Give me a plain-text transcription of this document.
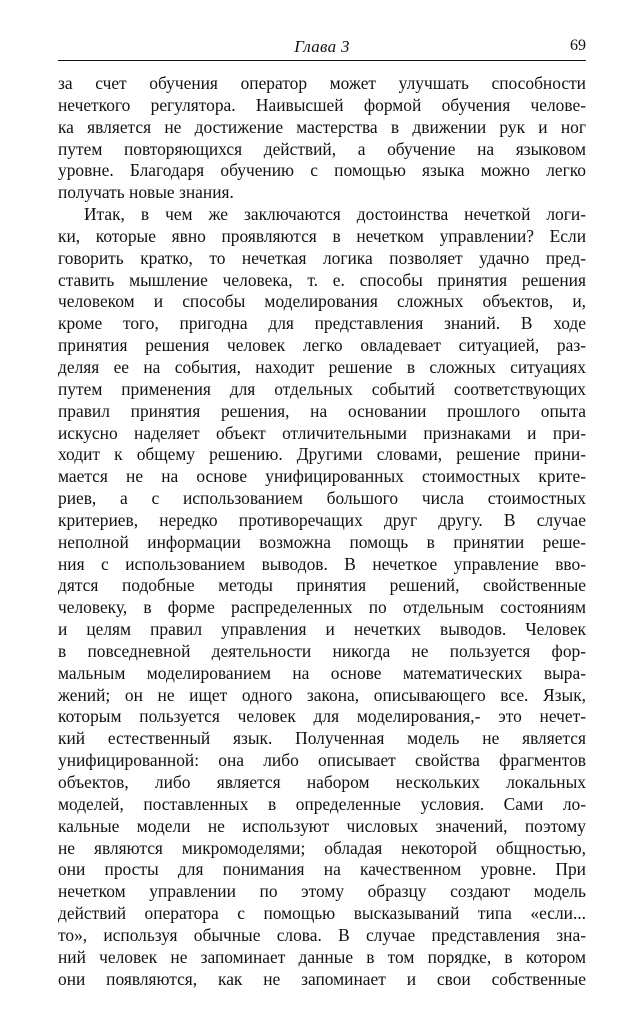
Глава 3	69
за счет обучения оператор может улучшать способности
нечеткого регулятора. Наивысшей формой обучения челове-
ка является не достижение мастерства в движении рук и ног
путем повторяющихся действий, а обучение на языковом
уровне. Благодаря обучению с помощью языка можно легко
получать новые знания.
Итак, в чем же заключаются достоинства нечеткой логи-
ки, которые явно проявляются в нечетком управлении? Если
говорить кратко, то нечеткая логика позволяет удачно пред-
ставить мышление человека, т. е. способы принятия решения
человеком и способы моделирования сложных объектов, и,
кроме того, пригодна для представления знаний. В ходе
принятия решения человек легко овладевает ситуацией, раз-
деляя ее на события, находит решение в сложных ситуациях
путем применения для отдельных событий соответствующих
правил принятия решения, на основании прошлого опыта
искусно наделяет объект отличительными признаками и при-
ходит к общему решению. Другими словами, решение прини-
мается не на основе унифицированных стоимостных крите-
риев, а с использованием большого числа стоимостных
критериев, нередко противоречащих друг другу. В случае
неполной информации возможна помощь в принятии реше-
ния с использованием выводов. В нечеткое управление вво-
дятся подобные методы принятия решений, свойственные
человеку, в форме распределенных по отдельным состояниям
и целям правил управления и нечетких выводов. Человек
в повседневной деятельности никогда не пользуется фор-
мальным моделированием на основе математических выра-
жений; он не ищет одного закона, описывающего все. Язык,
которым пользуется человек для моделирования,- это нечет-
кий естественный язык. Полученная модель не является
унифицированной: она либо описывает свойства фрагментов
объектов, либо является набором нескольких локальных
моделей, поставленных в определенные условия. Сами ло-
кальные модели не используют числовых значений, поэтому
не являются микромоделями; обладая некоторой общностью,
они просты для понимания на качественном уровне. При
нечетком управлении по этому образцу создают модель
действий оператора с помощью высказываний типа «если...
то», используя обычные слова. В случае представления зна-
ний человек не запоминает данные в том порядке, в котором
они появляются, как не запоминает и свои собственные
